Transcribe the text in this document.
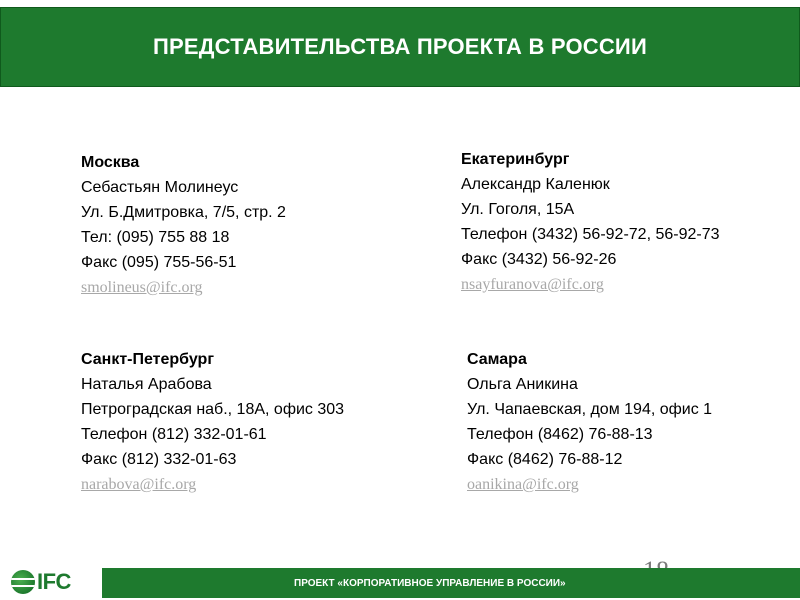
ПРЕДСТАВИТЕЛЬСТВА ПРОЕКТА В РОССИИ
Москва
Себастьян Молинеус
Ул. Б.Дмитровка, 7/5, стр. 2
Тел: (095) 755 88 18
Факс (095) 755-56-51
smolineus@ifc.org
Екатеринбург
Александр Каленюк
Ул. Гоголя, 15А
Телефон (3432) 56-92-72, 56-92-73
Факс (3432) 56-92-26
nsayfuranova@ifc.org
Санкт-Петербург
Наталья Арабова
Петроградская наб., 18А, офис 303
Телефон (812) 332-01-61
Факс (812) 332-01-63
narabova@ifc.org
Самара
Ольга Аникина
Ул. Чапаевская, дом 194, офис 1
Телефон (8462) 76-88-13
Факс (8462) 76-88-12
oanikina@ifc.org
IFC	ПРОЕКТ «КОРПОРАТИВНОЕ УПРАВЛЕНИЕ В РОССИИ»
